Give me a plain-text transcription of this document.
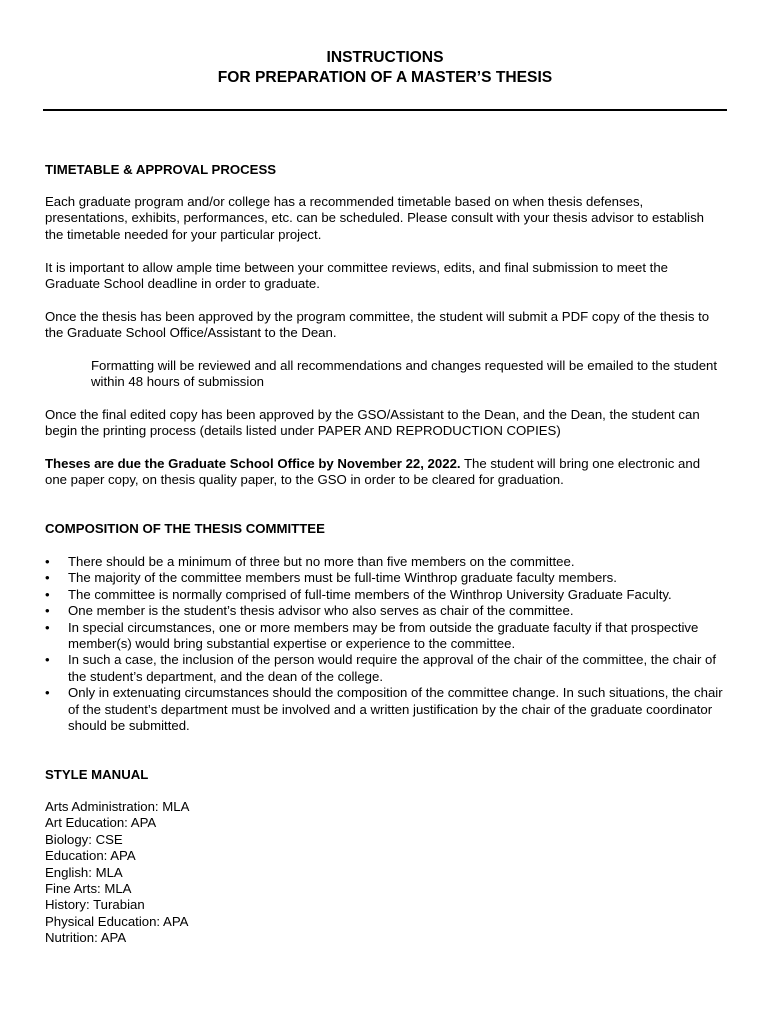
INSTRUCTIONS
FOR PREPARATION OF A MASTER’S THESIS

TIMETABLE & APPROVAL PROCESS

Each graduate program and/or college has a recommended timetable based on when thesis defenses, presentations, exhibits, performances, etc. can be scheduled. Please consult with your thesis advisor to establish the timetable needed for your particular project.

It is important to allow ample time between your committee reviews, edits, and final submission to meet the Graduate School deadline in order to graduate.

Once the thesis has been approved by the program committee, the student will submit a PDF copy of the thesis to the Graduate School Office/Assistant to the Dean.

Formatting will be reviewed and all recommendations and changes requested will be emailed to the student within 48 hours of submission

Once the final edited copy has been approved by the GSO/Assistant to the Dean, and the Dean, the student can begin the printing process (details listed under PAPER AND REPRODUCTION COPIES)

Theses are due the Graduate School Office by November 22, 2022. The student will bring one electronic and one paper copy, on thesis quality paper, to the GSO in order to be cleared for graduation.

COMPOSITION OF THE THESIS COMMITTEE

• There should be a minimum of three but no more than five members on the committee.
• The majority of the committee members must be full-time Winthrop graduate faculty members.
• The committee is normally comprised of full-time members of the Winthrop University Graduate Faculty.
• One member is the student’s thesis advisor who also serves as chair of the committee.
• In special circumstances, one or more members may be from outside the graduate faculty if that prospective member(s) would bring substantial expertise or experience to the committee.
• In such a case, the inclusion of the person would require the approval of the chair of the committee, the chair of the student’s department, and the dean of the college.
• Only in extenuating circumstances should the composition of the committee change. In such situations, the chair of the student’s department must be involved and a written justification by the chair of the graduate coordinator should be submitted.

STYLE MANUAL

Arts Administration: MLA
Art Education: APA
Biology: CSE
Education: APA
English: MLA
Fine Arts: MLA
History: Turabian
Physical Education: APA
Nutrition: APA
